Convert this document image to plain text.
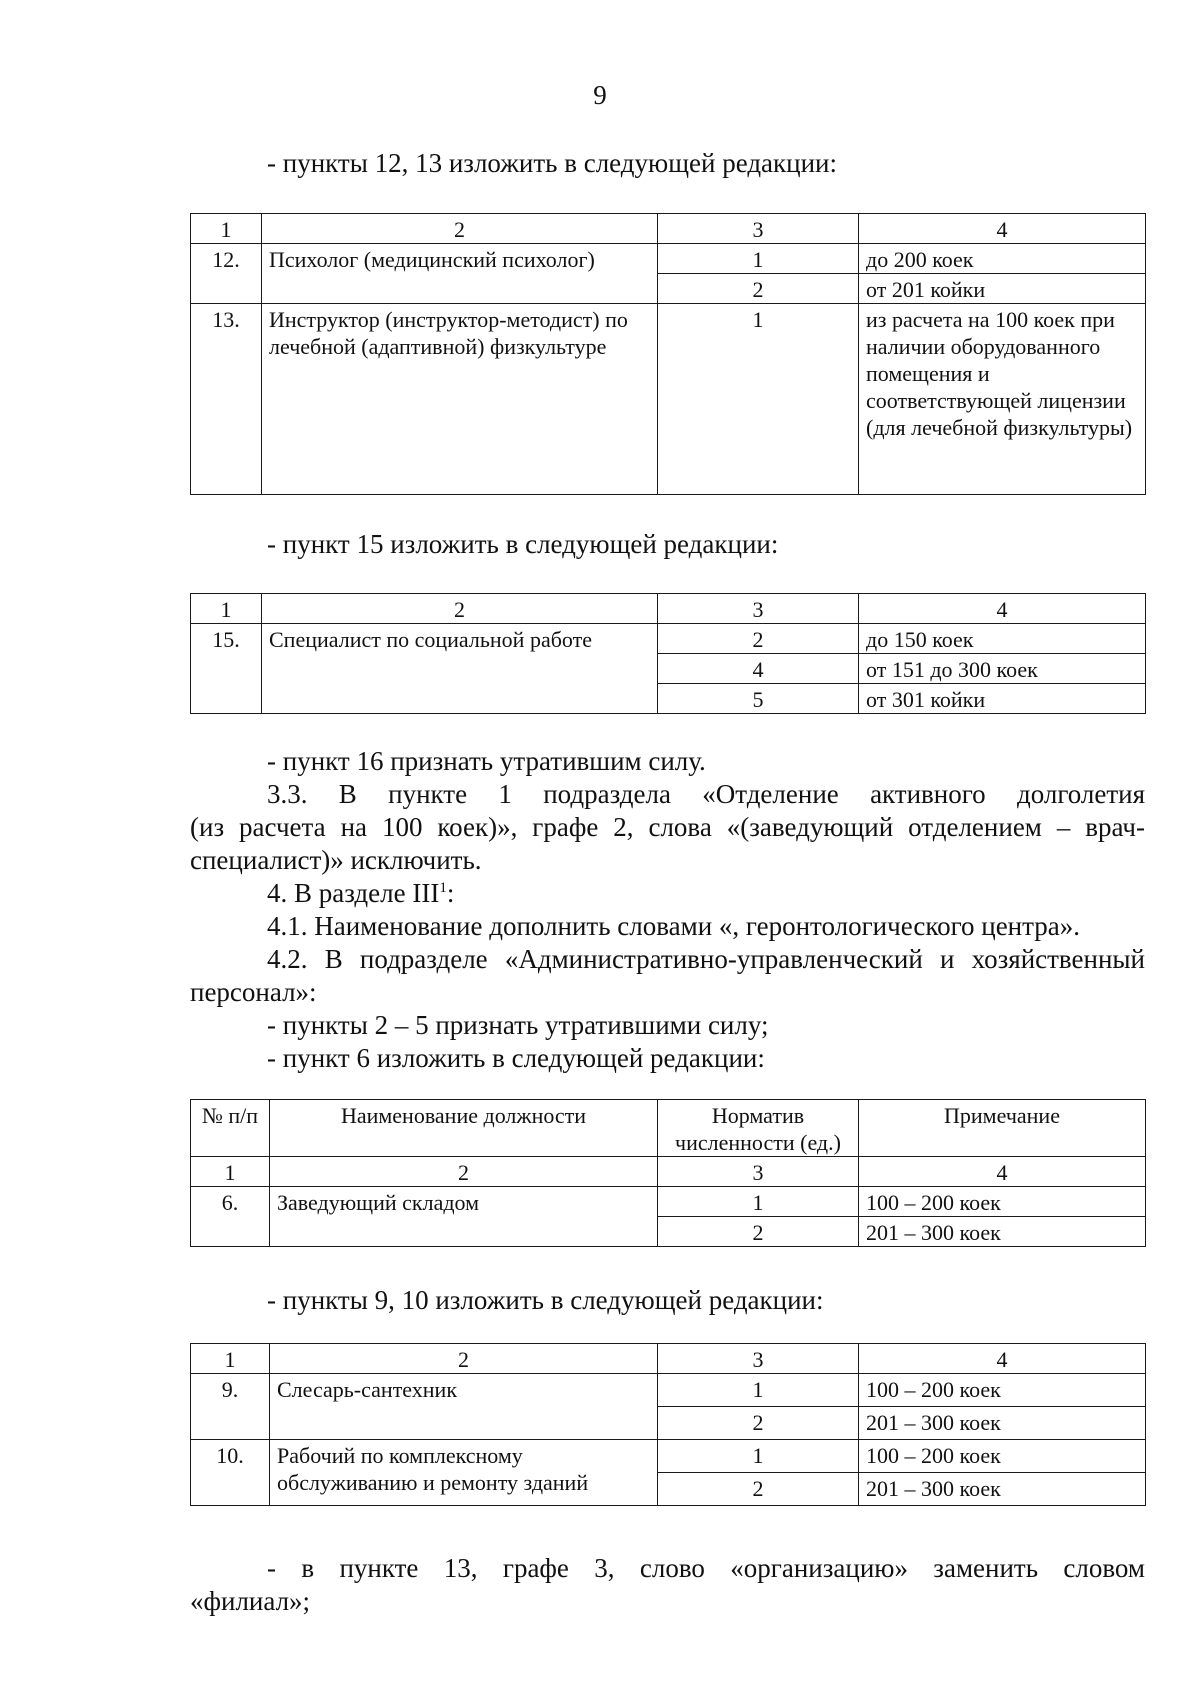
9
- пункты 12, 13 изложить в следующей редакции:
1	2	3	4
12.	Психолог (медицинский психолог)	1	до 200 коек
		2	от 201 койки
13.	Инструктор (инструктор-методист) по лечебной (адаптивной) физкультуре	1	из расчета на 100 коек при наличии оборудованного помещения и соответствующей лицензии (для лечебной физкультуры)
- пункт 15 изложить в следующей редакции:
1	2	3	4
15.	Специалист по социальной работе	2	до 150 коек
		4	от 151 до 300 коек
		5	от 301 койки
- пункт 16 признать утратившим силу.
3.3. В пункте 1 подраздела «Отделение активного долголетия
(из расчета на 100 коек)», графе 2, слова «(заведующий отделением – врач-
специалист)» исключить.
4. В разделе III$^1$:
4.1. Наименование дополнить словами «, геронтологического центра».
4.2. В подразделе «Административно-управленческий и хозяйственный
персонал»:
- пункты 2 – 5 признать утратившими силу;
- пункт 6 изложить в следующей редакции:
№ п/п	Наименование должности	Норматив численности (ед.)	Примечание
1	2	3	4
6.	Заведующий складом	1	100 – 200 коек
		2	201 – 300 коек
- пункты 9, 10 изложить в следующей редакции:
1	2	3	4
9.	Слесарь-сантехник	1	100 – 200 коек
		2	201 – 300 коек
10.	Рабочий по комплексному обслуживанию и ремонту зданий	1	100 – 200 коек
		2	201 – 300 коек
- в пункте 13, графе 3, слово «организацию» заменить словом
«филиал»;
